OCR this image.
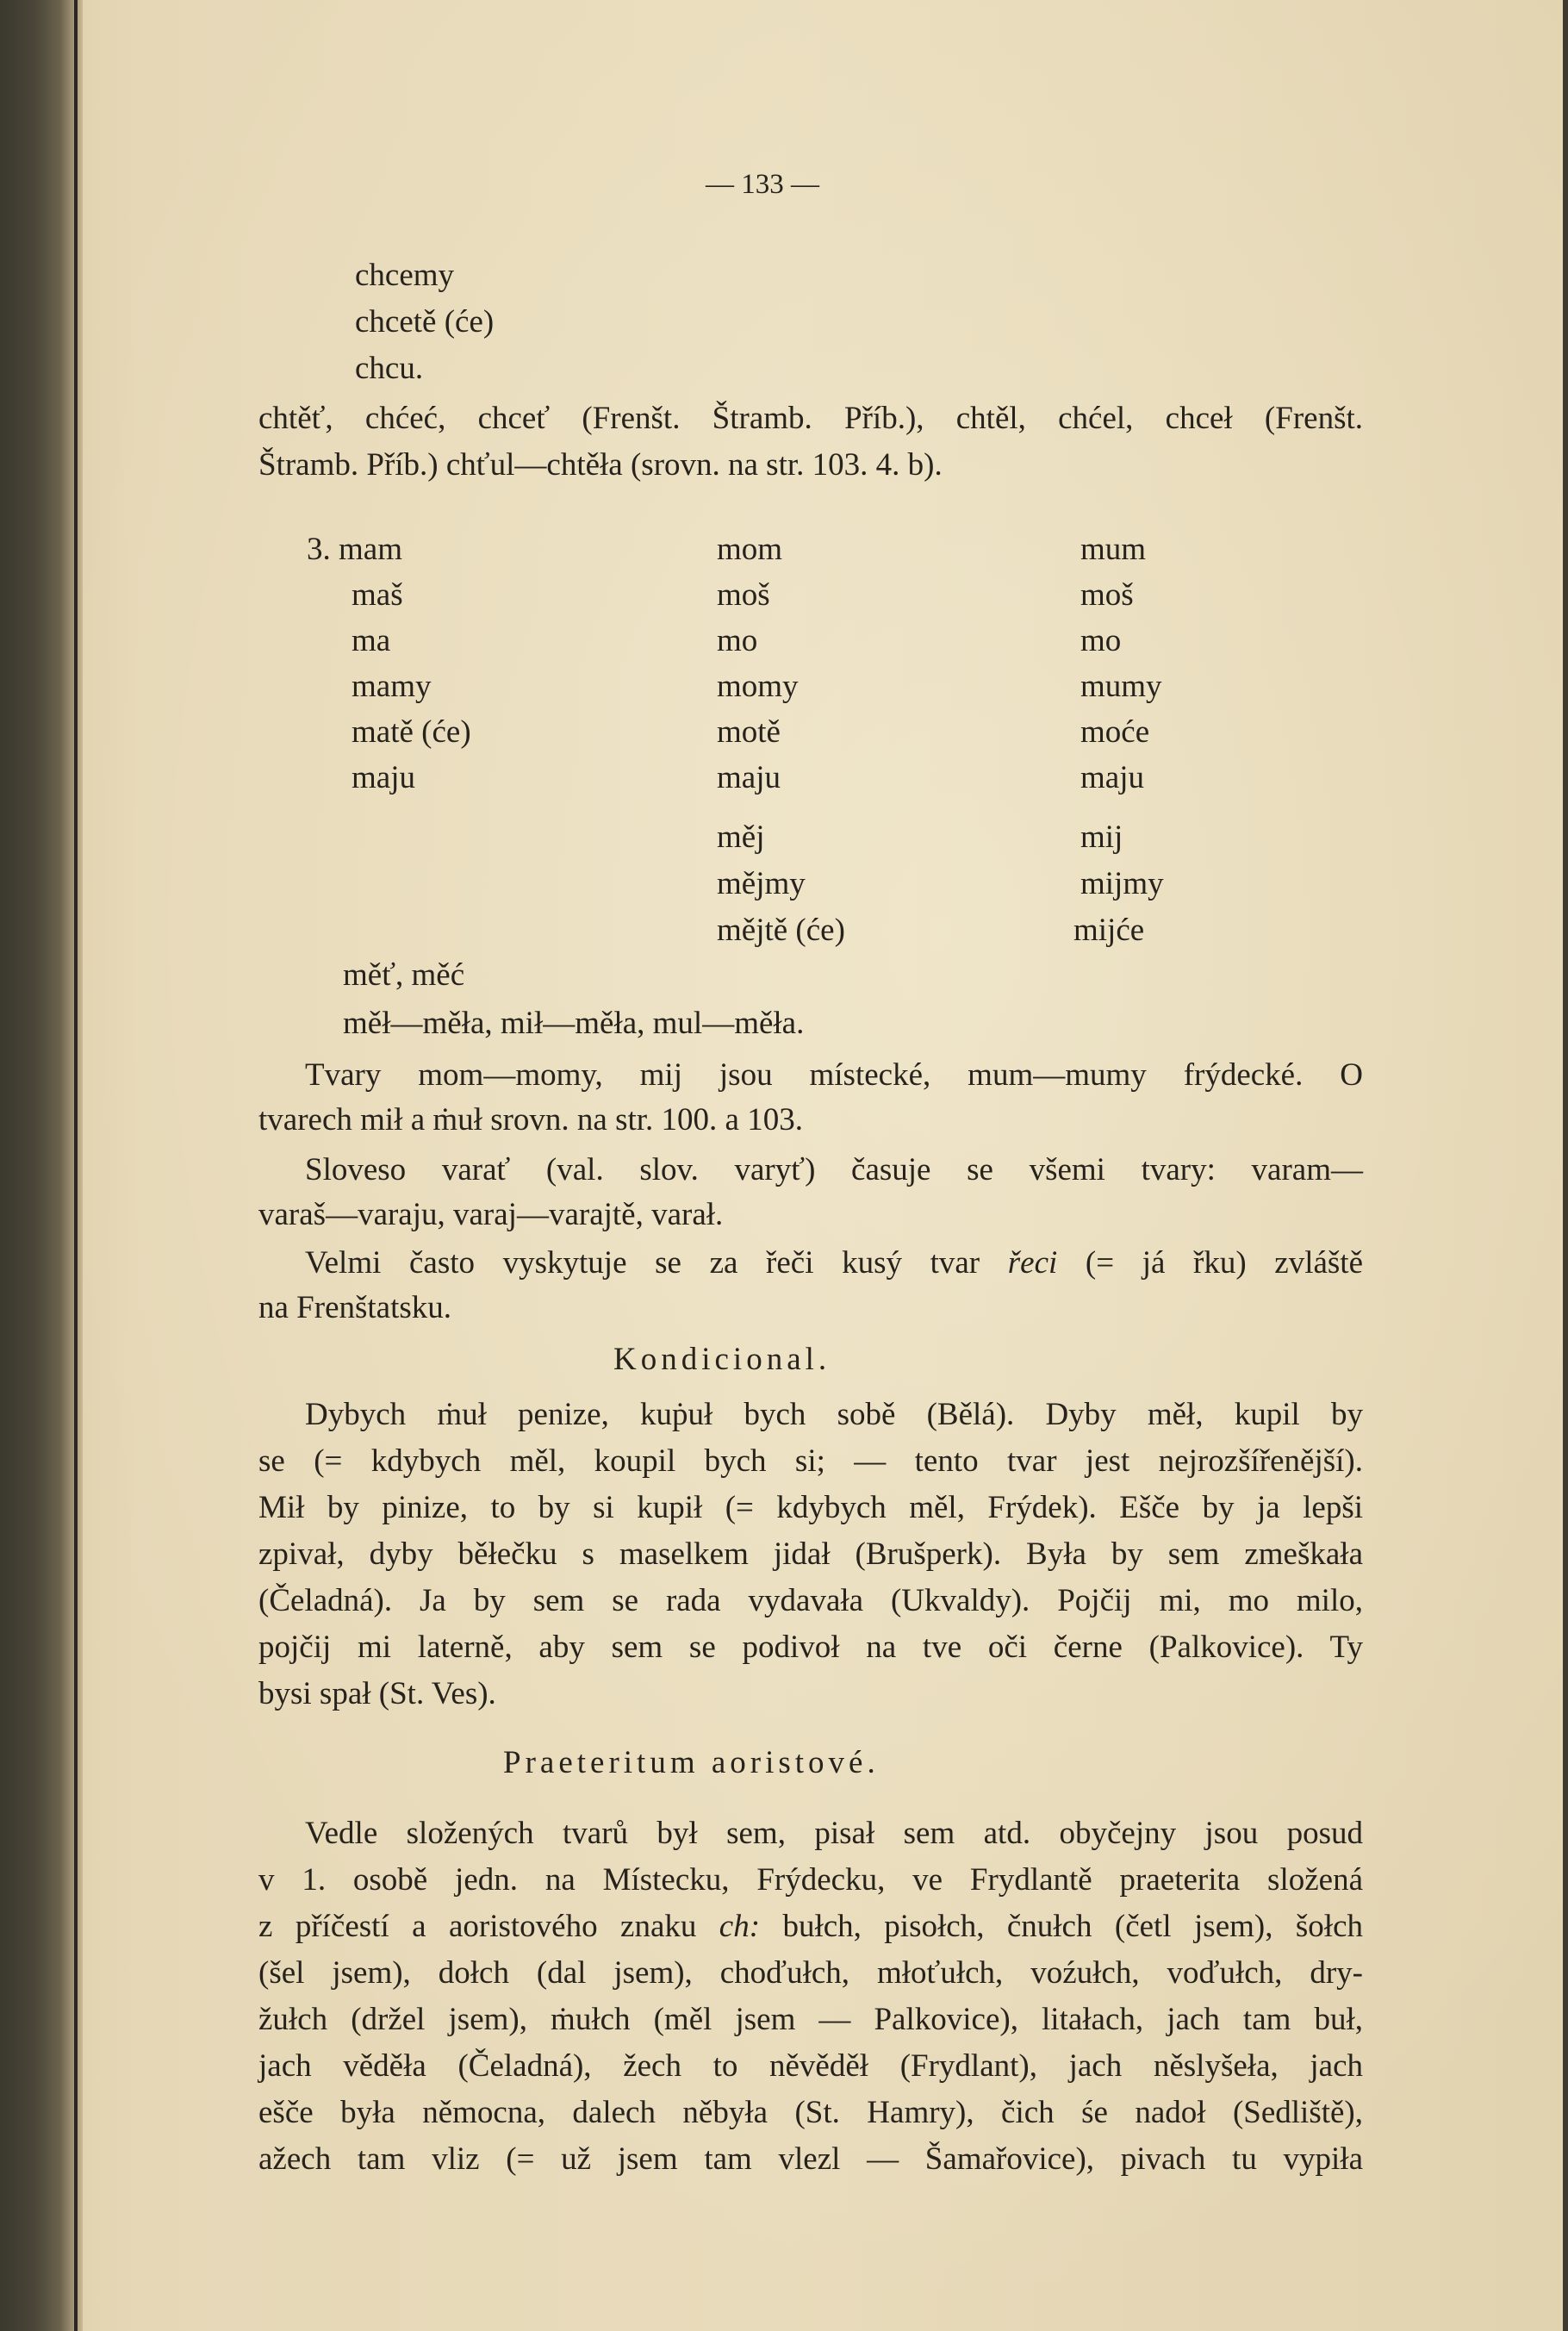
— 133 —
chcemy
chcetě (će)
chcu.
chtěť, chćeć, chceť (Frenšt. Štramb. Příb.), chtěl, chćel, chceł (Frenšt.
Štramb. Příb.) chťul—chtěła (srovn. na str. 103. 4. b).
3. mam
maš
ma
mamy
matě (će)
maju
mom
moš
mo
momy
motě
maju
měj
mějmy
mějtě (će)
mum
moš
mo
mumy
moće
maju
mij
mijmy
mijće
měť, měć
měł—měła, mił—měła, mul—měła.
Tvary mom—momy, mij jsou místecké, mum—mumy frýdecké. O
tvarech mił a ṁuł srovn. na str. 100. a 103.
Sloveso varať (val. slov. varyť) časuje se všemi tvary: varam—
varaš—varaju, varaj—varajtě, varał.
Velmi často vyskytuje se za řeči kusý tvar řeci (= já řku) zvláště
na Frenštatsku.
Kondicional.
Dybych ṁuł penize, kuṗuł bych sobě (Bělá). Dyby měł, kupil by
se (= kdybych měl, koupil bych si; — tento tvar jest nejrozšířenější).
Mił by pinize, to by si kupił (= kdybych měl, Frýdek). Ešče by ja lepši
zpivał, dyby běłečku s maselkem jidał (Brušperk). Była by sem zmeškała
(Čeladná). Ja by sem se rada vydavała (Ukvaldy). Pojčij mi, mo milo,
pojčij mi laterně, aby sem se podivoł na tve oči černe (Palkovice). Ty
bysi spał (St. Ves).
Praeteritum aoristové.
Vedle složených tvarů był sem, pisał sem atd. obyčejny jsou posud
v 1. osobě jedn. na Místecku, Frýdecku, ve Frydlantě praeterita složená
z příčestí a aoristového znaku ch: bułch, pisołch, čnułch (četl jsem), šołch
(šel jsem), dołch (dal jsem), choďułch, młoťułch, voźułch, voďułch, dry-
žułch (držel jsem), ṁułch (měl jsem — Palkovice), litałach, jach tam buł,
jach věděła (Čeladná), žech to něvěděł (Frydlant), jach něslyšeła, jach
ešče była němocna, dalech něbyła (St. Hamry), čich śe nadoł (Sedliště),
ažech tam vliz (= už jsem tam vlezl — Šamařovice), pivach tu vypiła
